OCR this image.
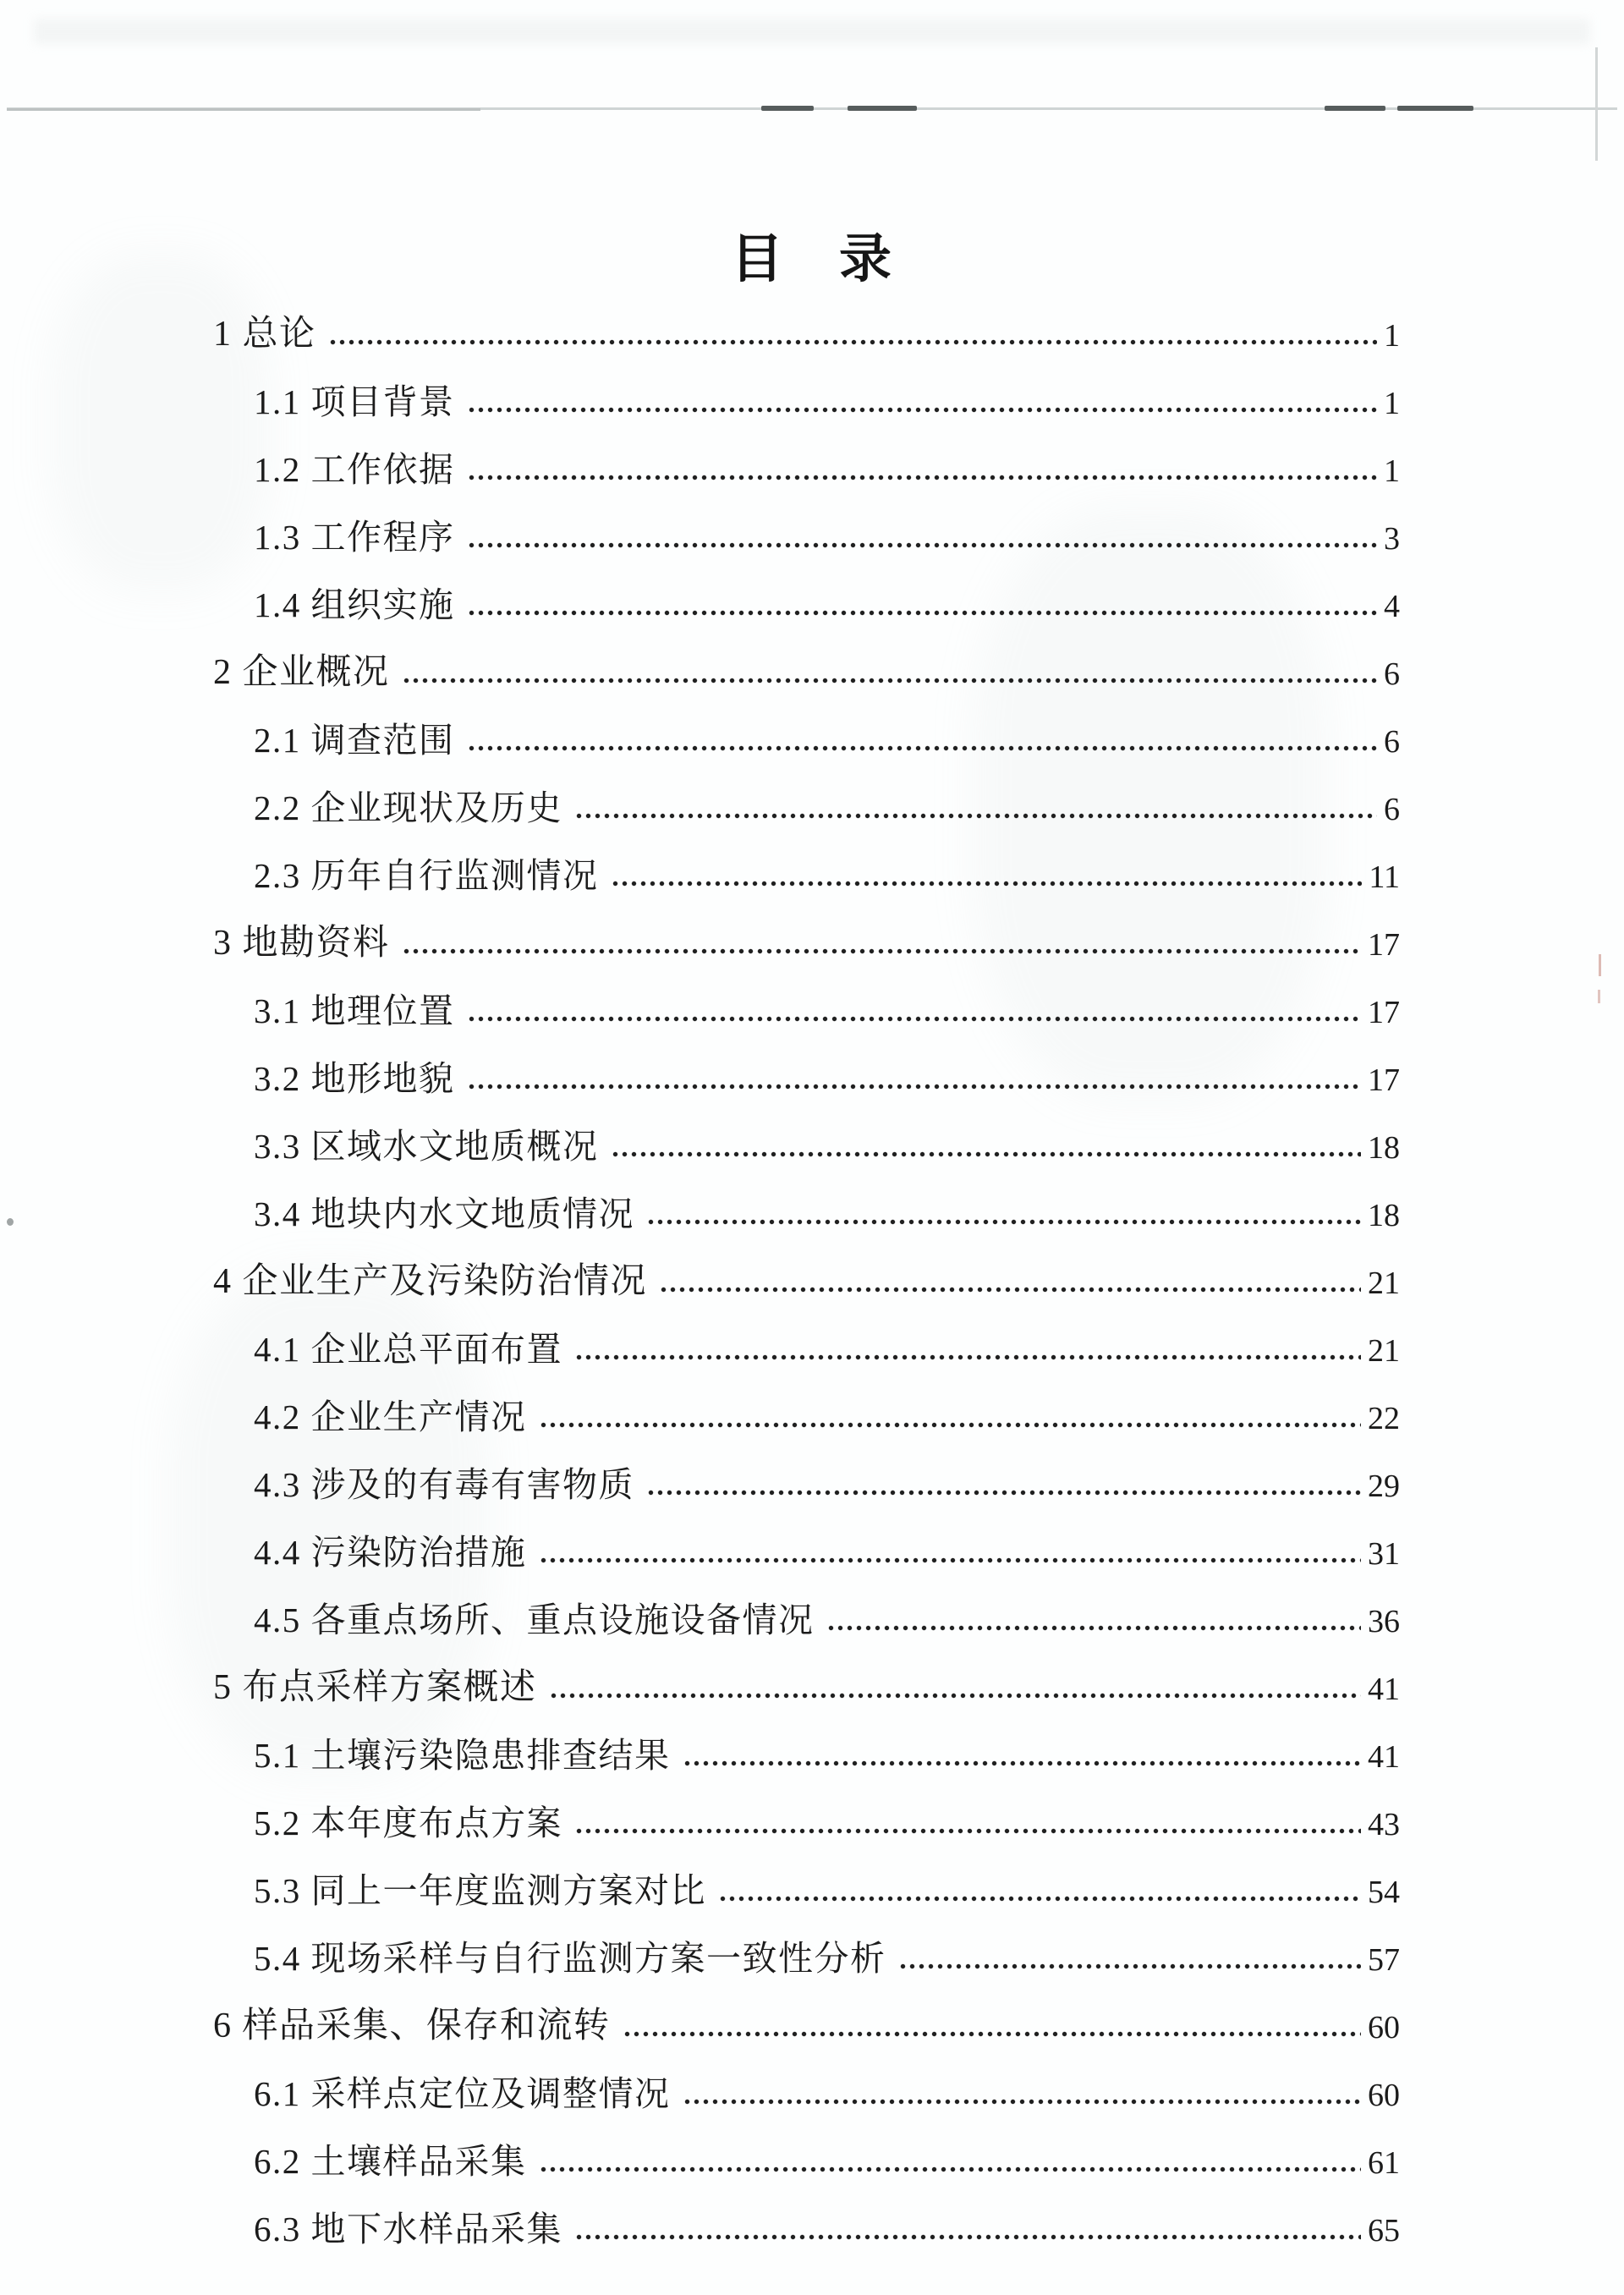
目　录
1 总论	1
1.1 项目背景	1
1.2 工作依据	1
1.3 工作程序	3
1.4 组织实施	4
2 企业概况	6
2.1 调查范围	6
2.2 企业现状及历史	6
2.3 历年自行监测情况	11
3 地勘资料	17
3.1 地理位置	17
3.2 地形地貌	17
3.3 区域水文地质概况	18
3.4 地块内水文地质情况	18
4 企业生产及污染防治情况	21
4.1 企业总平面布置	21
4.2 企业生产情况	22
4.3 涉及的有毒有害物质	29
4.4 污染防治措施	31
4.5 各重点场所、重点设施设备情况	36
5 布点采样方案概述	41
5.1 土壤污染隐患排查结果	41
5.2 本年度布点方案	43
5.3 同上一年度监测方案对比	54
5.4 现场采样与自行监测方案一致性分析	57
6 样品采集、保存和流转	60
6.1 采样点定位及调整情况	60
6.2 土壤样品采集	61
6.3 地下水样品采集	65
